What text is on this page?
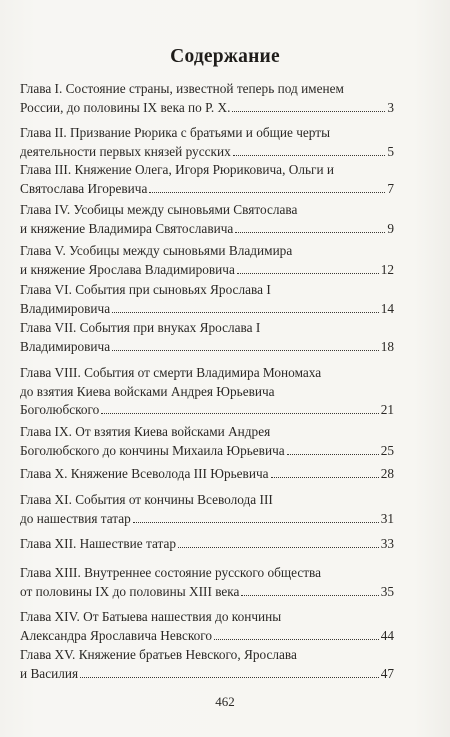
Содержание
Глава I. Состояние страны, известной теперь под именем
России, до половины IX века по Р. Х.	3
Глава II. Призвание Рюрика с братьями и общие черты
деятельности первых князей русских	5
Глава III. Княжение Олега, Игоря Рюриковича, Ольги и
Святослава Игоревича	7
Глава IV. Усобицы между сыновьями Святослава
и княжение Владимира Святославича	9
Глава V. Усобицы между сыновьями Владимира
и княжение Ярослава Владимировича	12
Глава VI. События при сыновьях Ярослава I
Владимировича	14
Глава VII. События при внуках Ярослава I
Владимировича	18
Глава VIII. События от смерти Владимира Мономаха
до взятия Киева войсками Андрея Юрьевича
Боголюбского	21
Глава IX. От взятия Киева войсками Андрея
Боголюбского до кончины Михаила Юрьевича	25
Глава X. Княжение Всеволода III Юрьевича	28
Глава XI. События от кончины Всеволода III
до нашествия татар	31
Глава XII. Нашествие татар	33
Глава XIII. Внутреннее состояние русского общества
от половины IX до половины XIII века	35
Глава XIV. От Батыева нашествия до кончины
Александра Ярославича Невского	44
Глава XV. Княжение братьев Невского, Ярослава
и Василия	47
462
